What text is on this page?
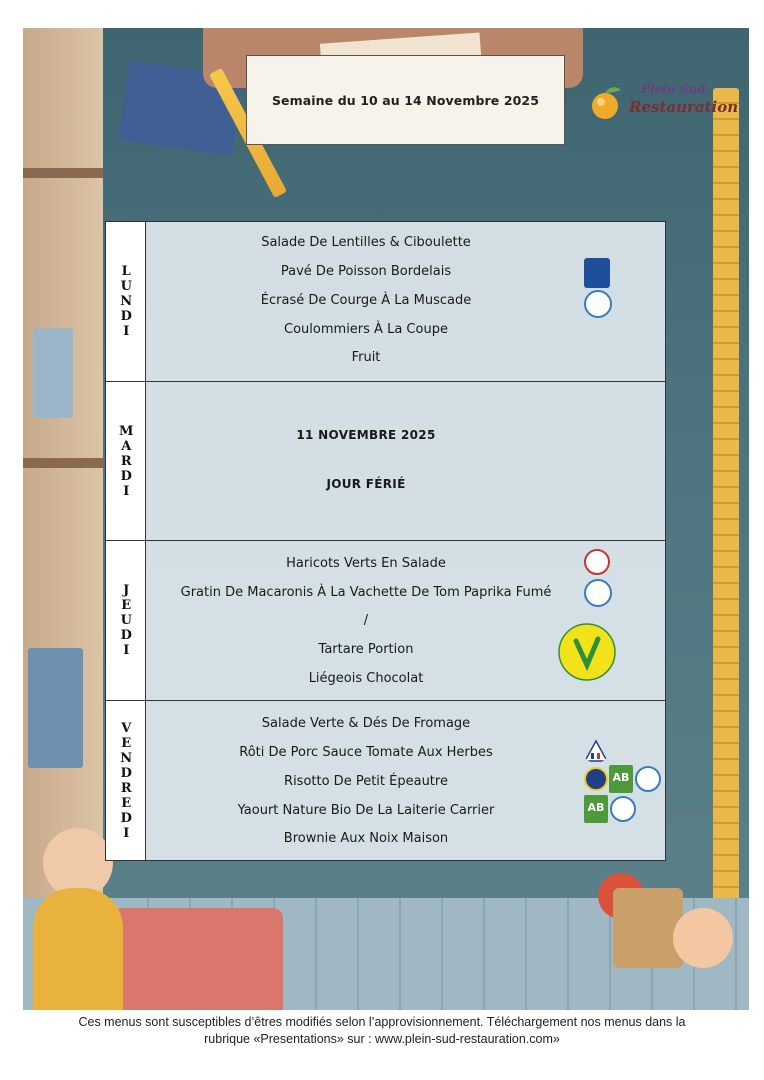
Semaine du 10 au 14 Novembre 2025
Plein Sud
Restauration
LUNDI
Salade De Lentilles & Ciboulette
Pavé De Poisson Bordelais
Écrasé De Courge À La Muscade
Coulommiers À La Coupe
Fruit
MARDI	11 NOVEMBRE 2025
JOUR FÉRIÉ
JEUDI
Haricots Verts En Salade
Gratin De Macaronis À La Vachette De Tom Paprika Fumé
/
Tartare Portion
Liégeois Chocolat
VENDREDI	Salade Verte & Dés De Fromage
Rôti De Porc Sauce Tomate Aux Herbes
Risotto De Petit Épeautre
Yaourt Nature Bio De La Laiterie Carrier
Brownie Aux Noix Maison
AB
AB
Ces menus sont susceptibles d’êtres modifiés selon l’approvisionnement. Téléchargement nos menus dans la
rubrique «Presentations» sur : www.plein-sud-restauration.com»
